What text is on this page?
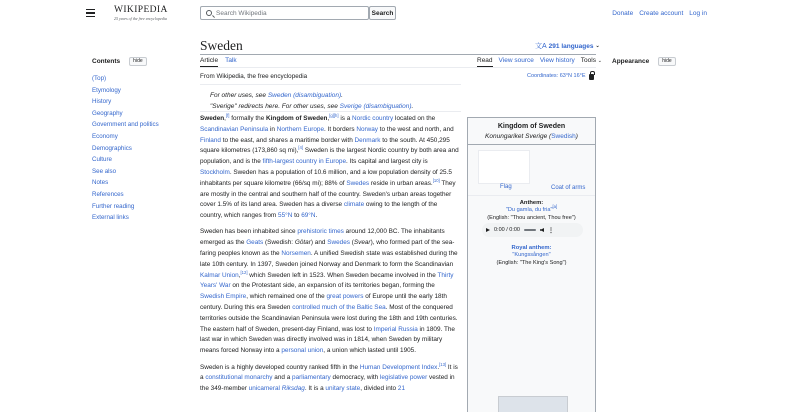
WIKIPEDIA
25 years of the free encyclopedia
Search Wikipedia
Search	Donate Create account Log in
Contents	hide
(Top)
Etymology
History
Geography
Government and politics
Economy
Demographics
Culture
See also
Notes
References
Further reading
External links
Sweden	文A 291 languages ⌄
Article Talk	Read View source View history Tools ⌄
From Wikipedia, the free encyclopedia	Coordinates: 63°N 16°E
For other uses, see Sweden (disambiguation).
"Sverige" redirects here. For other uses, see Sverige (disambiguation).

Sweden,[f] formally the Kingdom of Sweden,[g][h] is a Nordic country located on the Scandinavian Peninsula in Northern Europe. It borders Norway to the west and north, and Finland to the east, and shares a maritime border with Denmark to the south. At 450,295 square kilometres (173,860 sq mi),[4] Sweden is the largest Nordic country by both area and population, and is the fifth-largest country in Europe. Its capital and largest city is Stockholm. Sweden has a population of 10.6 million, and a low population density of 25.5 inhabitants per square kilometre (66/sq mi); 88% of Swedes reside in urban areas.[10] They are mostly in the central and southern half of the country. Sweden's urban areas together cover 1.5% of its land area. Sweden has a diverse climate owing to the length of the country, which ranges from 55°N to 69°N.

Sweden has been inhabited since prehistoric times around 12,000 BC. The inhabitants emerged as the Geats (Swedish: Götar) and Swedes (Svear), who formed part of the sea-faring peoples known as the Norsemen. A unified Swedish state was established during the late 10th century. In 1397, Sweden joined Norway and Denmark to form the Scandinavian Kalmar Union,[12] which Sweden left in 1523. When Sweden became involved in the Thirty Years' War on the Protestant side, an expansion of its territories began, forming the Swedish Empire, which remained one of the great powers of Europe until the early 18th century. During this era Sweden controlled much of the Baltic Sea. Most of the conquered territories outside the Scandinavian Peninsula were lost during the 18th and 19th centuries. The eastern half of Sweden, present-day Finland, was lost to Imperial Russia in 1809. The last war in which Sweden was directly involved was in 1814, when Sweden by military means forced Norway into a personal union, a union which lasted until 1905.

Sweden is a highly developed country ranked fifth in the Human Development Index.[13] It is a constitutional monarchy and a parliamentary democracy, with legislative power vested in the 349-member unicameral Riksdag. It is a unitary state, divided into 21

Kingdom of Sweden
Konungariket Sverige (Swedish)
Anthem:
"Du gamla, du fria"[a]
(English: "Thou ancient, Thou free")
0:00 / 0:00	⋮
Royal anthem:
"Kungssången"
(English: "The King's Song")
Flag	Coat of arms
Appearance	hide
